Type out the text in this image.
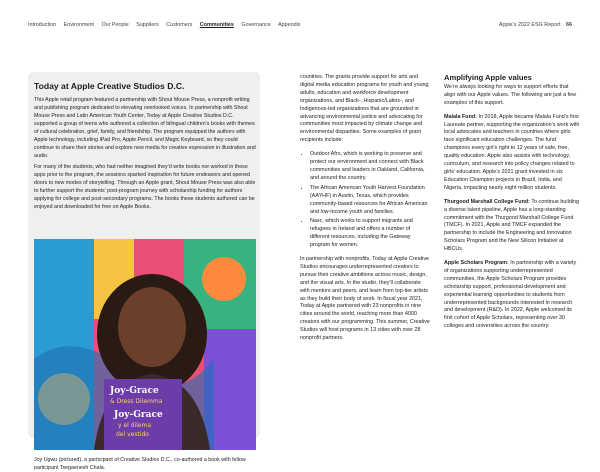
Introduction Environment Our People Suppliers Customers Communities Governance Appendix	Apple’s 2022 ESG Report 66
Today at Apple Creative Studios D.C.

This Apple retail program featured a partnership with Shout Mouse Press, a nonprofit writing and publishing program dedicated to elevating overlooked voices. In partnership with Shout Mouse Press and Latin American Youth Center, Today at Apple Creative Studios D.C. supported a group of teens who authored a collection of bilingual children’s books with themes of cultural celebration, grief, family, and friendship. The program equipped the authors with Apple technology, including iPad Pro, Apple Pencil, and Magic Keyboard, so they could continue to share their stories and explore new media for creative expression in illustration and audio.

For many of the students, who had neither imagined they’d write books nor worked in these apps prior to the program, the sessions sparked inspiration for future endeavors and opened doors to new modes of storytelling. Through an Apple grant, Shout Mouse Press was also able to further support the students’ post-program journey with scholarship funding for authors applying for college and post-secondary programs. The books these students authored can be enjoyed and downloaded for free on Apple Books.

Joy-Grace
& Dress Dilemma
Joy-Grace
y el dilema
del vestido

Joy Ugwu (pictured), a participant of Creative Studios D.C., co-authored a book with fellow participant Tsegaenesh Chala.

countries. The grants provide support for arts and digital media education programs for youth and young adults, education and workforce development organizations, and Black-, Hispanic/Latinx-, and Indigenous-led organizations that are grounded in advancing environmental justice and advocating for communities most impacted by climate change and environmental disparities. Some examples of grant recipients include:

• Outdoor Afro, which is working to preserve and protect our environment and connect with Black communities and leaders in Oakland, California, and around the country.
• The African American Youth Harvest Foundation (AAYHF) in Austin, Texas, which provides community-based resources for African American and low-income youth and families.
• Nasc, which works to support migrants and refugees in Ireland and offers a number of different resources, including the Gateway program for women.

In partnership with nonprofits, Today at Apple Creative Studios encourages underrepresented creators to pursue their creative ambitions across music, design, and the visual arts. In the studio, they’ll collaborate with mentors and peers, and learn from top-tier artists as they build their body of work. In fiscal year 2021, Today at Apple partnered with 23 nonprofits in nine cities around the world, reaching more than 4000 creators with our programming. This summer, Creative Studios will host programs in 13 cities with over 28 nonprofit partners.

Amplifying Apple values

We’re always looking for ways to support efforts that align with our Apple values. The following are just a few examples of this support.

Malala Fund: In 2018, Apple became Malala Fund’s first Laureate partner, supporting the organization’s work with local advocates and teachers in countries where girls face significant education challenges. The fund champions every girl’s right to 12 years of safe, free, quality education. Apple also assists with technology, curriculum, and research into policy changes related to girls’ education. Apple’s 2021 grant invested in six Education Champion projects in Brazil, India, and Nigeria, impacting nearly eight million students.

Thurgood Marshall College Fund: To continue building a diverse talent pipeline, Apple has a long-standing commitment with the Thurgood Marshall College Fund (TMCF). In 2021, Apple and TMCF expanded the partnership to include the Engineering and Innovation Scholars Program and the New Silicon Initiative at HBCUs.

Apple Scholars Program: In partnership with a variety of organizations supporting underrepresented communities, the Apple Scholars Program provides scholarship support, professional development and experiential learning opportunities to students from underrepresented backgrounds interested in research and development (R&D). In 2022, Apple welcomed its first cohort of Apple Scholars, representing over 30 colleges and universities across the country.
